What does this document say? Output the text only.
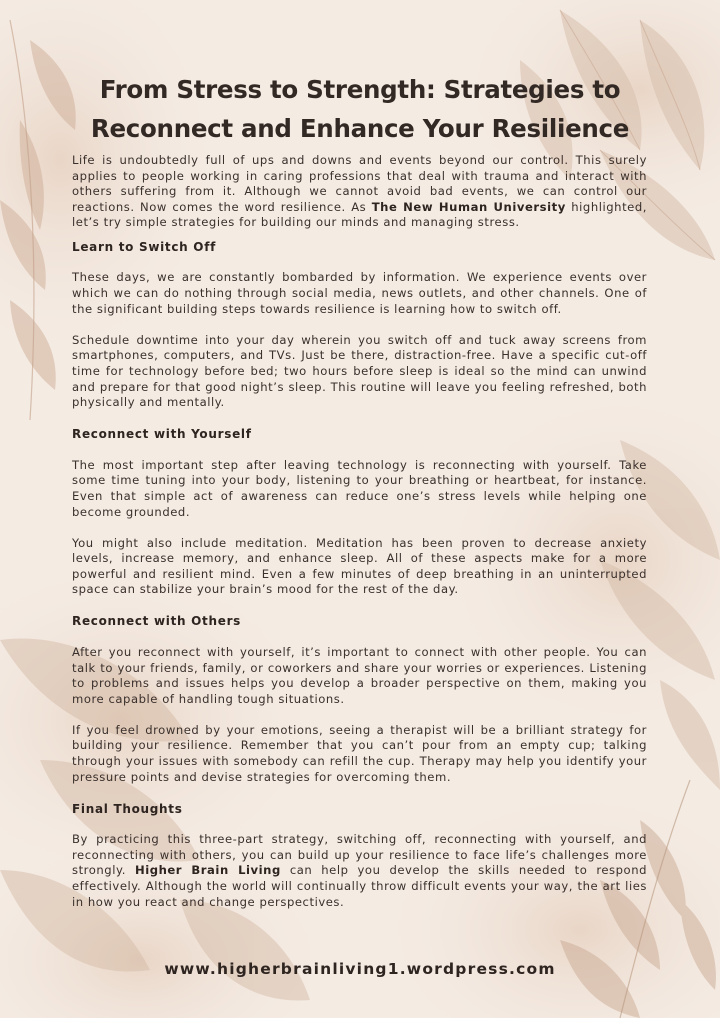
From Stress to Strength: Strategies to Reconnect and Enhance Your Resilience

Life is undoubtedly full of ups and downs and events beyond our control. This surely applies to people working in caring professions that deal with trauma and interact with others suffering from it. Although we cannot avoid bad events, we can control our reactions. Now comes the word resilience. As The New Human University highlighted, let’s try simple strategies for building our minds and managing stress.

Learn to Switch Off

These days, we are constantly bombarded by information. We experience events over which we can do nothing through social media, news outlets, and other channels. One of the significant building steps towards resilience is learning how to switch off.

Schedule downtime into your day wherein you switch off and tuck away screens from smartphones, computers, and TVs. Just be there, distraction-free. Have a specific cut-off time for technology before bed; two hours before sleep is ideal so the mind can unwind and prepare for that good night’s sleep. This routine will leave you feeling refreshed, both physically and mentally.

Reconnect with Yourself

The most important step after leaving technology is reconnecting with yourself. Take some time tuning into your body, listening to your breathing or heartbeat, for instance. Even that simple act of awareness can reduce one’s stress levels while helping one become grounded.

You might also include meditation. Meditation has been proven to decrease anxiety levels, increase memory, and enhance sleep. All of these aspects make for a more powerful and resilient mind. Even a few minutes of deep breathing in an uninterrupted space can stabilize your brain’s mood for the rest of the day.

Reconnect with Others

After you reconnect with yourself, it’s important to connect with other people. You can talk to your friends, family, or coworkers and share your worries or experiences. Listening to problems and issues helps you develop a broader perspective on them, making you more capable of handling tough situations.

If you feel drowned by your emotions, seeing a therapist will be a brilliant strategy for building your resilience. Remember that you can’t pour from an empty cup; talking through your issues with somebody can refill the cup. Therapy may help you identify your pressure points and devise strategies for overcoming them.

Final Thoughts

By practicing this three-part strategy, switching off, reconnecting with yourself, and reconnecting with others, you can build up your resilience to face life’s challenges more strongly. Higher Brain Living can help you develop the skills needed to respond effectively. Although the world will continually throw difficult events your way, the art lies in how you react and change perspectives.

www.higherbrainliving1.wordpress.com
